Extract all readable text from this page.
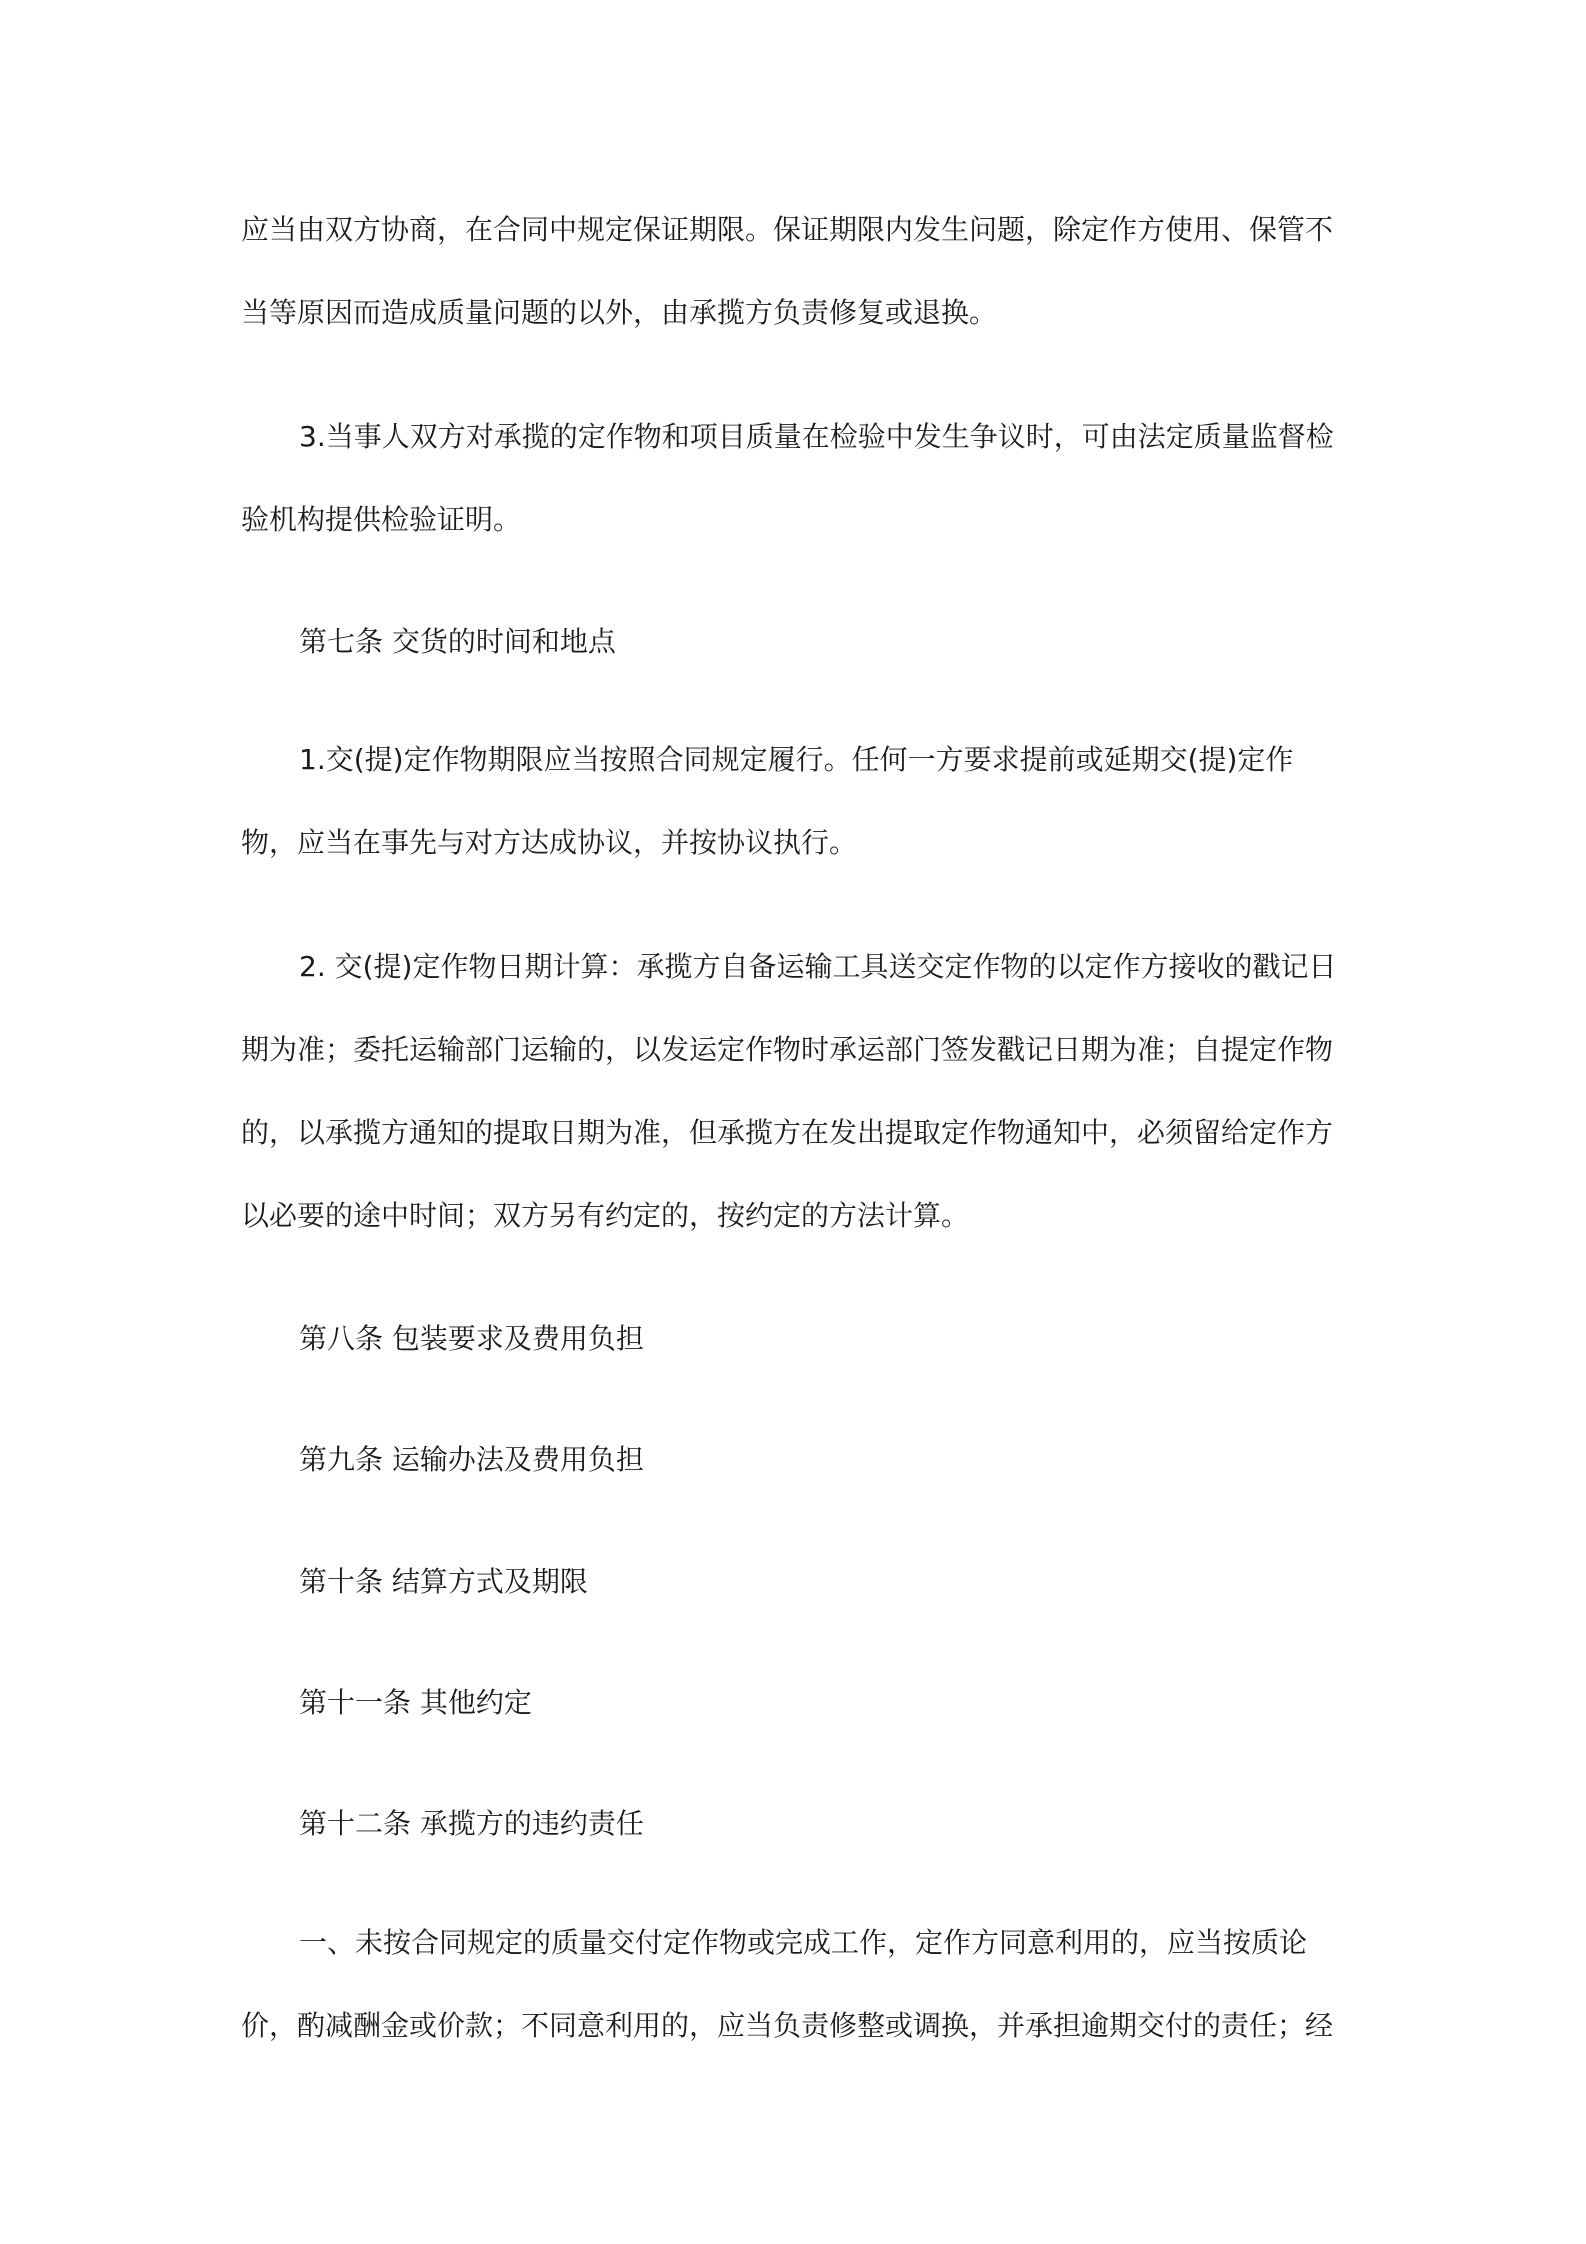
应当由双方协商，在合同中规定保证期限。保证期限内发生问题，除定作方使用、保管不当等原因而造成质量问题的以外，由承揽方负责修复或退换。

3.当事人双方对承揽的定作物和项目质量在检验中发生争议时，可由法定质量监督检验机构提供检验证明。

第七条 交货的时间和地点

1.交(提)定作物期限应当按照合同规定履行。任何一方要求提前或延期交(提)定作物，应当在事先与对方达成协议，并按协议执行。

2. 交(提)定作物日期计算：承揽方自备运输工具送交定作物的以定作方接收的戳记日期为准；委托运输部门运输的，以发运定作物时承运部门签发戳记日期为准；自提定作物的，以承揽方通知的提取日期为准，但承揽方在发出提取定作物通知中，必须留给定作方以必要的途中时间；双方另有约定的，按约定的方法计算。

第八条 包装要求及费用负担

第九条 运输办法及费用负担

第十条 结算方式及期限

第十一条 其他约定

第十二条 承揽方的违约责任

一、未按合同规定的质量交付定作物或完成工作，定作方同意利用的，应当按质论价，酌减酬金或价款；不同意利用的，应当负责修整或调换，并承担逾期交付的责任；经
